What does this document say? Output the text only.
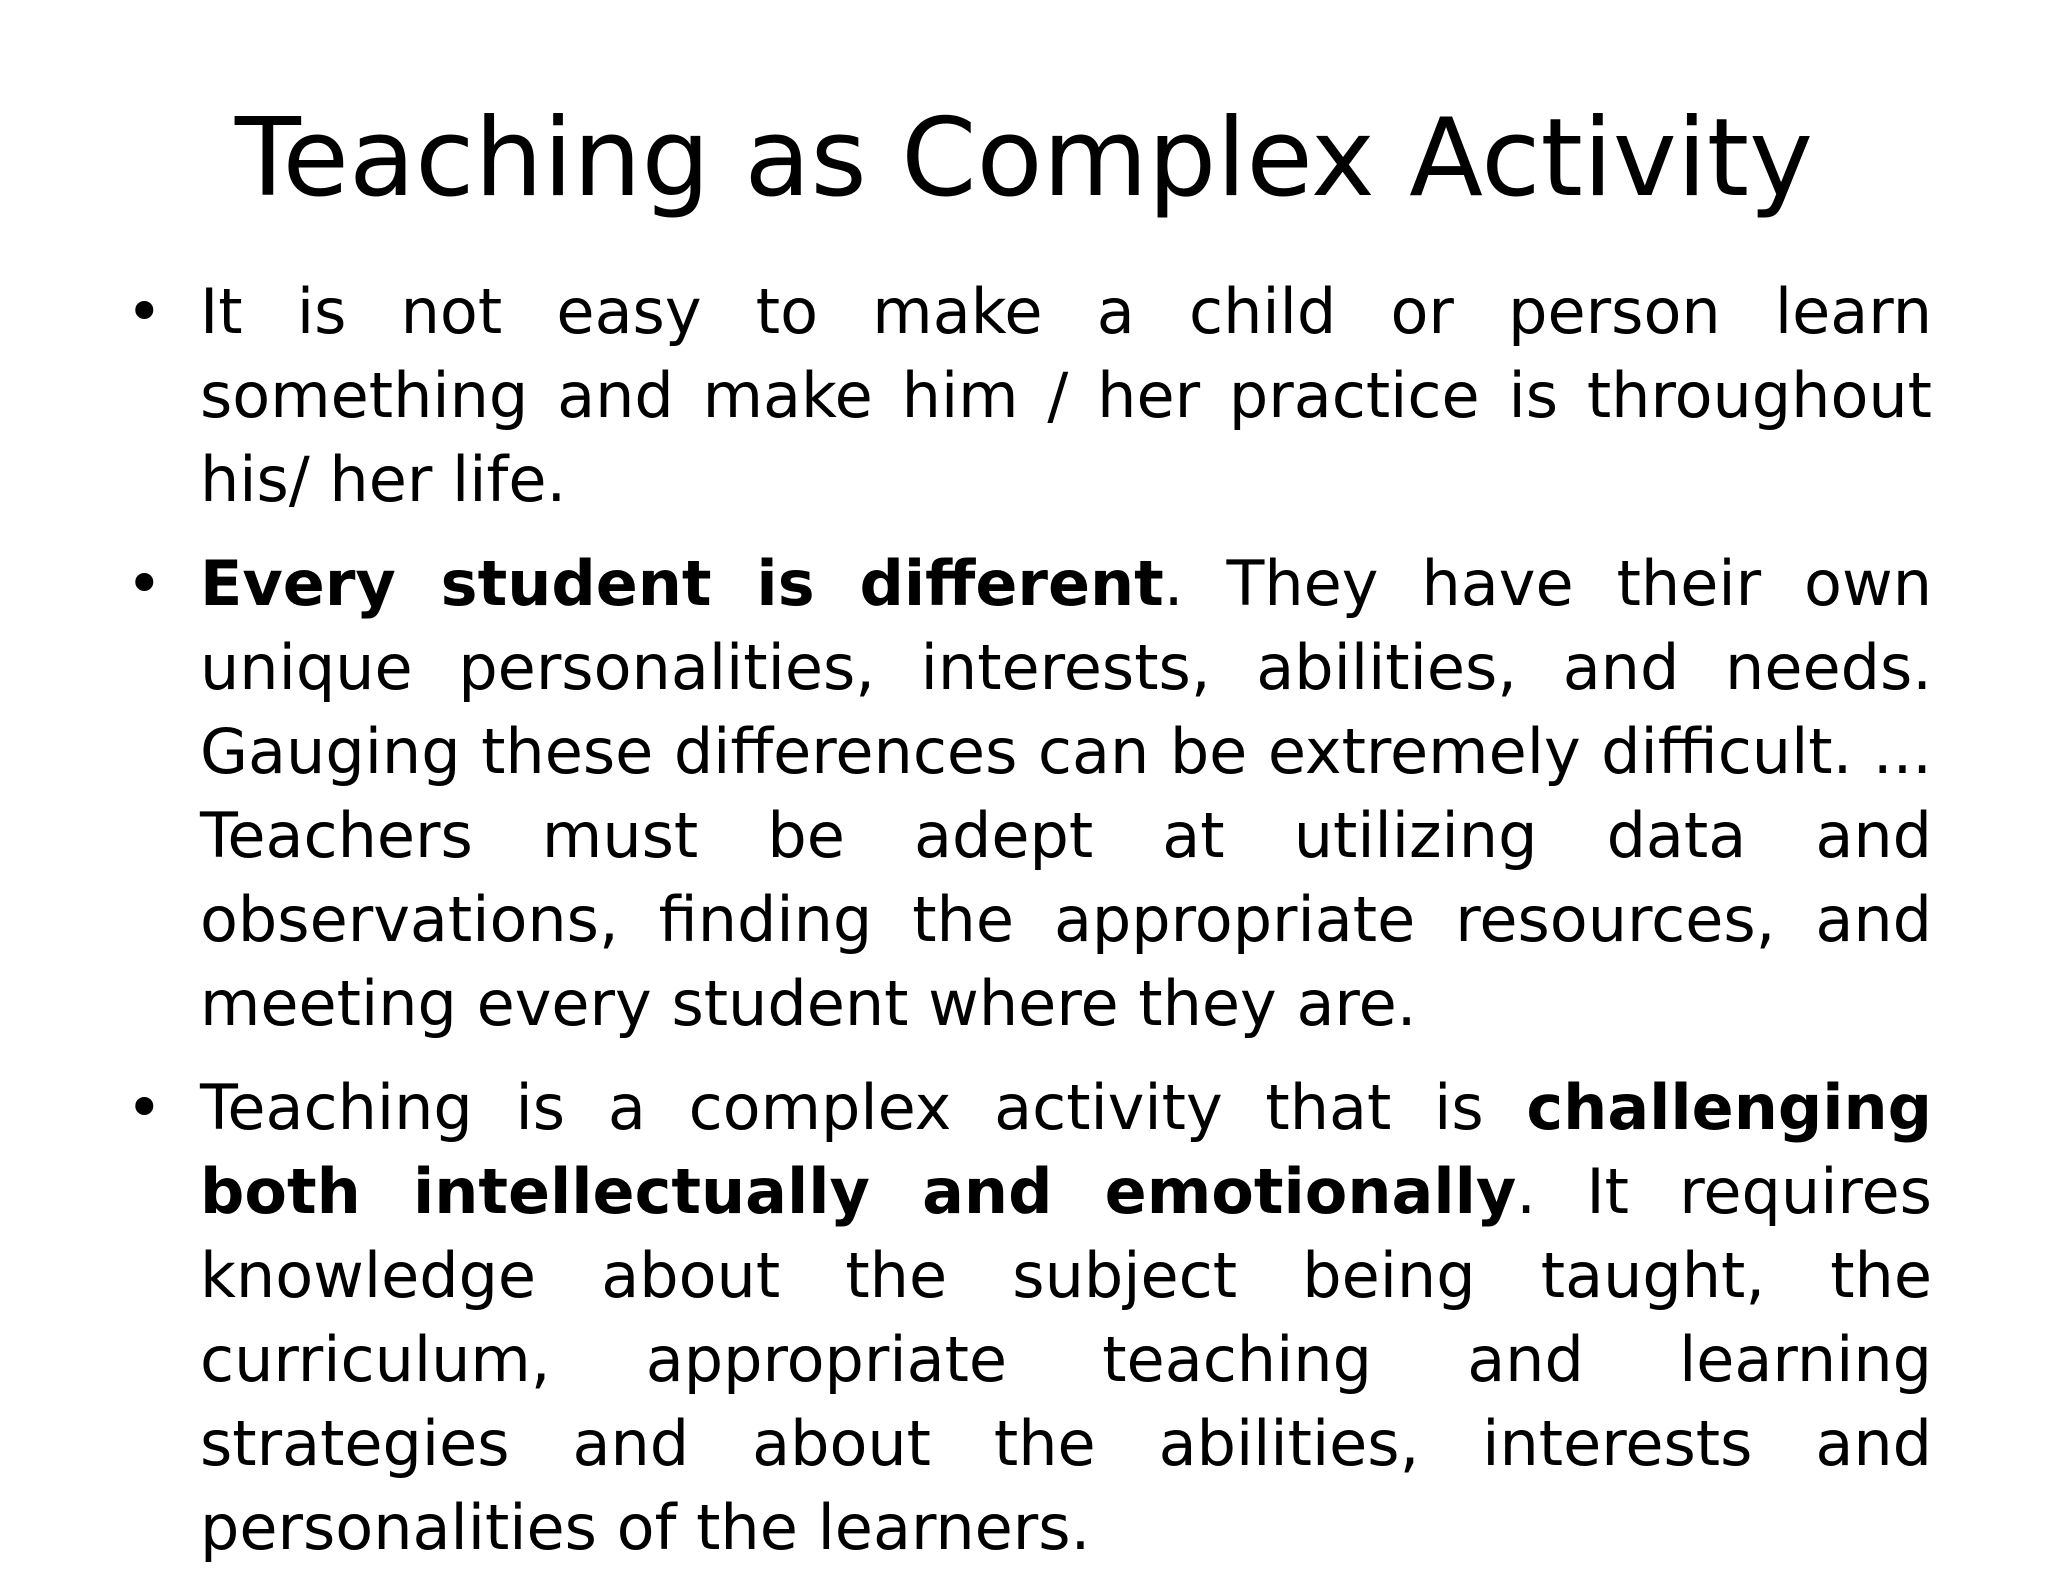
Teaching as Complex Activity
• It is not easy to make a child or person learn something and make him / her practice is throughout his/ her life.
• Every student is different. They have their own unique personalities, interests, abilities, and needs. Gauging these differences can be extremely difficult. ... Teachers must be adept at utilizing data and observations, finding the appropriate resources, and meeting every student where they are.
• Teaching is a complex activity that is challenging both intellectually and emotionally. It requires knowledge about the subject being taught, the curriculum, appropriate teaching and learning strategies and about the abilities, interests and personalities of the learners.
